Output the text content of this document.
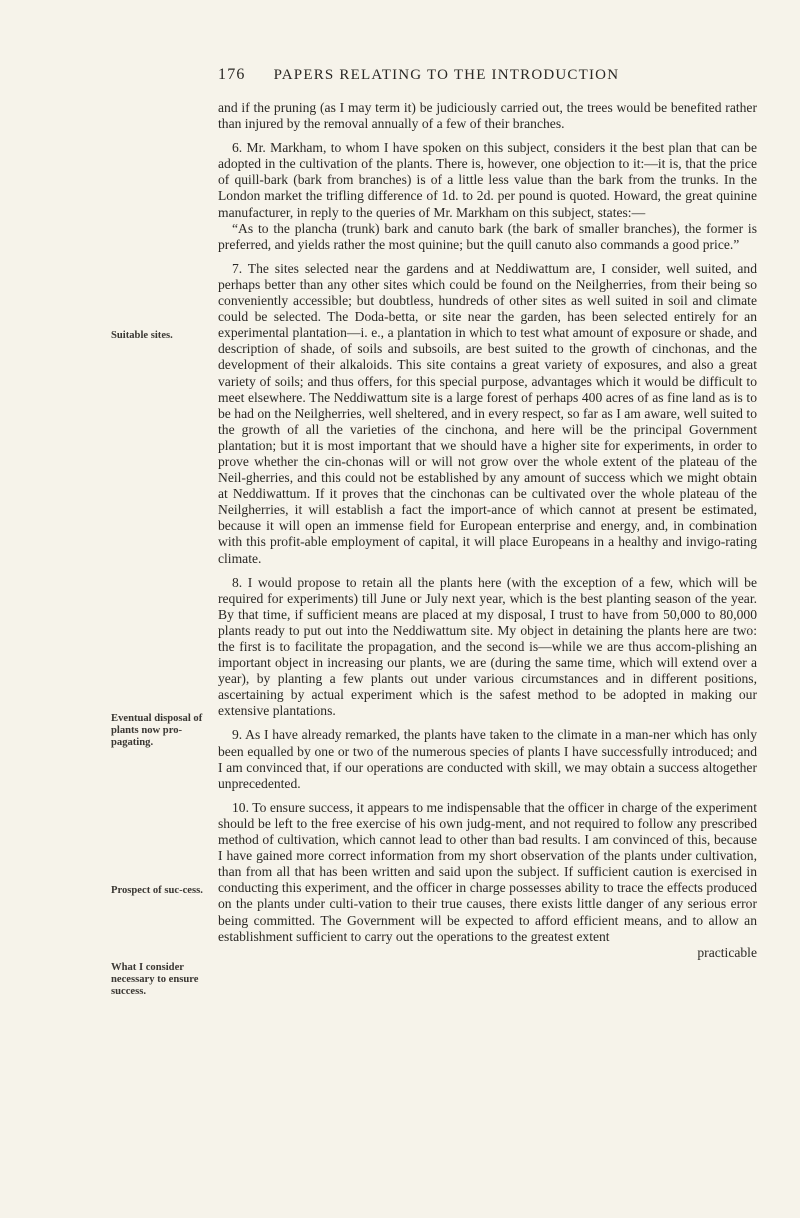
176 PAPERS RELATING TO THE INTRODUCTION
Suitable sites.
Eventual disposal of plants now pro-pagating.
Prospect of suc-cess.
What I consider necessary to ensure success.

and if the pruning (as I may term it) be judiciously carried out, the trees would be benefited rather than injured by the removal annually of a few of their branches.

6. Mr. Markham, to whom I have spoken on this subject, considers it the best plan that can be adopted in the cultivation of the plants. There is, however, one objection to it:—it is, that the price of quill-bark (bark from branches) is of a little less value than the bark from the trunks. In the London market the trifling difference of 1d. to 2d. per pound is quoted. Howard, the great quinine manufacturer, in reply to the queries of Mr. Markham on this subject, states:—

“As to the plancha (trunk) bark and canuto bark (the bark of smaller branches), the former is preferred, and yields rather the most quinine; but the quill canuto also commands a good price.”

7. The sites selected near the gardens and at Neddiwattum are, I consider, well suited, and perhaps better than any other sites which could be found on the Neilgherries, from their being so conveniently accessible; but doubtless, hundreds of other sites as well suited in soil and climate could be selected. The Doda-betta, or site near the garden, has been selected entirely for an experimental plantation—i. e., a plantation in which to test what amount of exposure or shade, and description of shade, of soils and subsoils, are best suited to the growth of cinchonas, and the development of their alkaloids. This site contains a great variety of exposures, and also a great variety of soils; and thus offers, for this special purpose, advantages which it would be difficult to meet elsewhere. The Neddiwattum site is a large forest of perhaps 400 acres of as fine land as is to be had on the Neilgherries, well sheltered, and in every respect, so far as I am aware, well suited to the growth of all the varieties of the cinchona, and here will be the principal Government plantation; but it is most important that we should have a higher site for experiments, in order to prove whether the cin-chonas will or will not grow over the whole extent of the plateau of the Neil-gherries, and this could not be established by any amount of success which we might obtain at Neddiwattum. If it proves that the cinchonas can be cultivated over the whole plateau of the Neilgherries, it will establish a fact the import-ance of which cannot at present be estimated, because it will open an immense field for European enterprise and energy, and, in combination with this profit-able employment of capital, it will place Europeans in a healthy and invigo-rating climate.

8. I would propose to retain all the plants here (with the exception of a few, which will be required for experiments) till June or July next year, which is the best planting season of the year. By that time, if sufficient means are placed at my disposal, I trust to have from 50,000 to 80,000 plants ready to put out into the Neddiwattum site. My object in detaining the plants here are two: the first is to facilitate the propagation, and the second is—while we are thus accom-plishing an important object in increasing our plants, we are (during the same time, which will extend over a year), by planting a few plants out under various circumstances and in different positions, ascertaining by actual experiment which is the safest method to be adopted in making our extensive plantations.

9. As I have already remarked, the plants have taken to the climate in a man-ner which has only been equalled by one or two of the numerous species of plants I have successfully introduced; and I am convinced that, if our operations are conducted with skill, we may obtain a success altogether unprecedented.

10. To ensure success, it appears to me indispensable that the officer in charge of the experiment should be left to the free exercise of his own judg-ment, and not required to follow any prescribed method of cultivation, which cannot lead to other than bad results. I am convinced of this, because I have gained more correct information from my short observation of the plants under cultivation, than from all that has been written and said upon the subject. If sufficient caution is exercised in conducting this experiment, and the officer in charge possesses ability to trace the effects produced on the plants under culti-vation to their true causes, there exists little danger of any serious error being committed. The Government will be expected to afford efficient means, and to allow an establishment sufficient to carry out the operations to the greatest extent

practicable
